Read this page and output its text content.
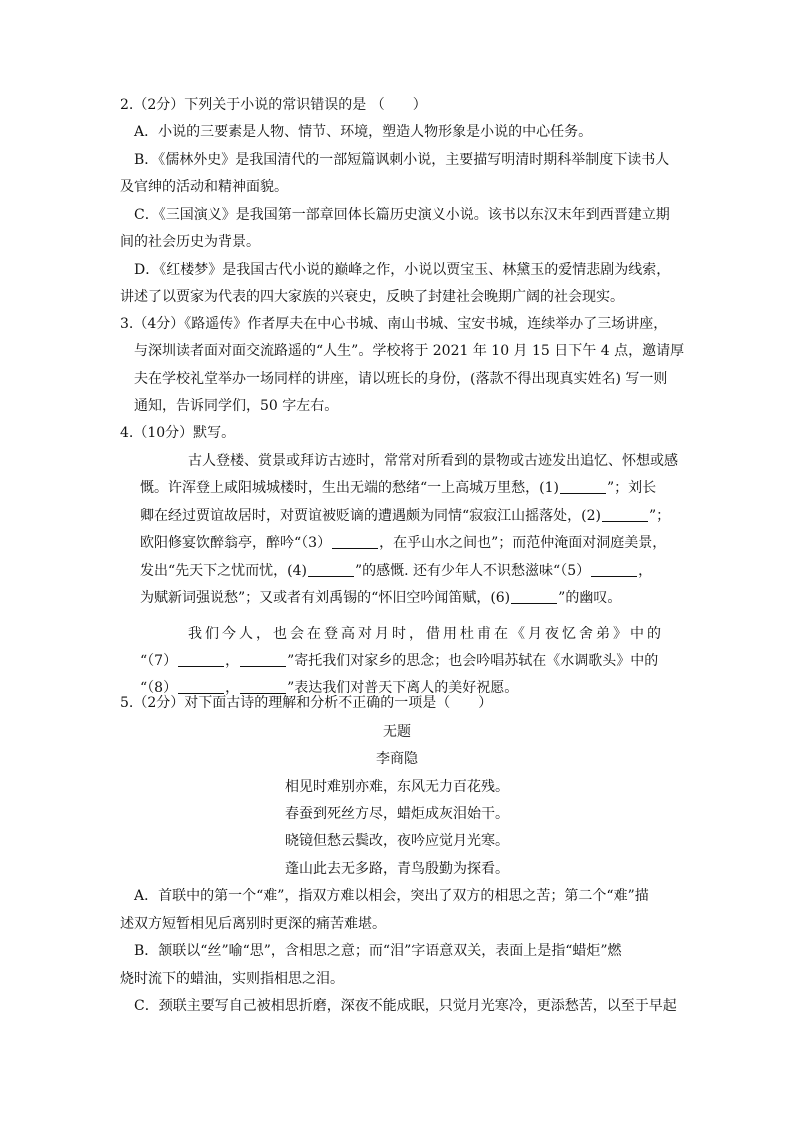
2.（2分）下列关于小说的常识错误的是 （　　）
A．小说的三要素是人物、情节、环境，塑造人物形象是小说的中心任务。
B．《儒林外史》是我国清代的一部短篇讽刺小说，主要描写明清时期科举制度下读书人
及官绅的活动和精神面貌。
C．《三国演义》是我国第一部章回体长篇历史演义小说。该书以东汉末年到西晋建立期
间的社会历史为背景。
D．《红楼梦》是我国古代小说的巅峰之作，小说以贾宝玉、林黛玉的爱情悲剧为线索，
讲述了以贾家为代表的四大家族的兴衰史，反映了封建社会晚期广阔的社会现实。
3.（4分）《路遥传》作者厚夫在中心书城、南山书城、宝安书城，连续举办了三场讲座，
与深圳读者面对面交流路遥的“人生”。学校将于 2021 年 10 月 15 日下午 4 点，邀请厚
夫在学校礼堂举办一场同样的讲座，请以班长的身份，(落款不得出现真实姓名) 写一则
通知，告诉同学们，50 字左右。
4.（10分）默写。
古人登楼、赏景或拜访古迹时，常常对所看到的景物或古迹发出追忆、怀想或感
慨。许浑登上咸阳城城楼时，生出无端的愁绪“一上高城万里愁，(1)	”；刘长
卿在经过贾谊故居时，对贾谊被贬谪的遭遇颇为同情“寂寂江山摇落处，(2)	”；
欧阳修宴饮醉翁亭，醉吟“（3）	，在乎山水之间也”；而范仲淹面对洞庭美景，
发出“先天下之忧而忧，(4)	”的感慨. 还有少年人不识愁滋味“（5）	，
为赋新词强说愁”；又或者有刘禹锡的“怀旧空吟闻笛赋，(6)	”的幽叹。
我们今人，也会在登高对月时，借用杜甫在《月夜忆舍弟》中的
“（7）	，	”寄托我们对家乡的思念；也会吟唱苏轼在《水调歌头》中的
“（8）	，	”表达我们对普天下离人的美好祝愿。
5.（2分）对下面古诗的理解和分析不正确的一项是（　　）
无题
李商隐
相见时难别亦难，东风无力百花残。
春蚕到死丝方尽，蜡炬成灰泪始干。
晓镜但愁云鬓改，夜吟应觉月光寒。
蓬山此去无多路，青鸟殷勤为探看。
A．首联中的第一个“难”，指双方难以相会，突出了双方的相思之苦；第二个“难”描
述双方短暂相见后离别时更深的痛苦难堪。
B．颔联以“丝”喻“思”，含相思之意；而“泪”字语意双关，表面上是指“蜡炬”燃
烧时流下的蜡油，实则指相思之泪。
C．颈联主要写自己被相思折磨，深夜不能成眠，只觉月光寒冷，更添愁苦，以至于早起
